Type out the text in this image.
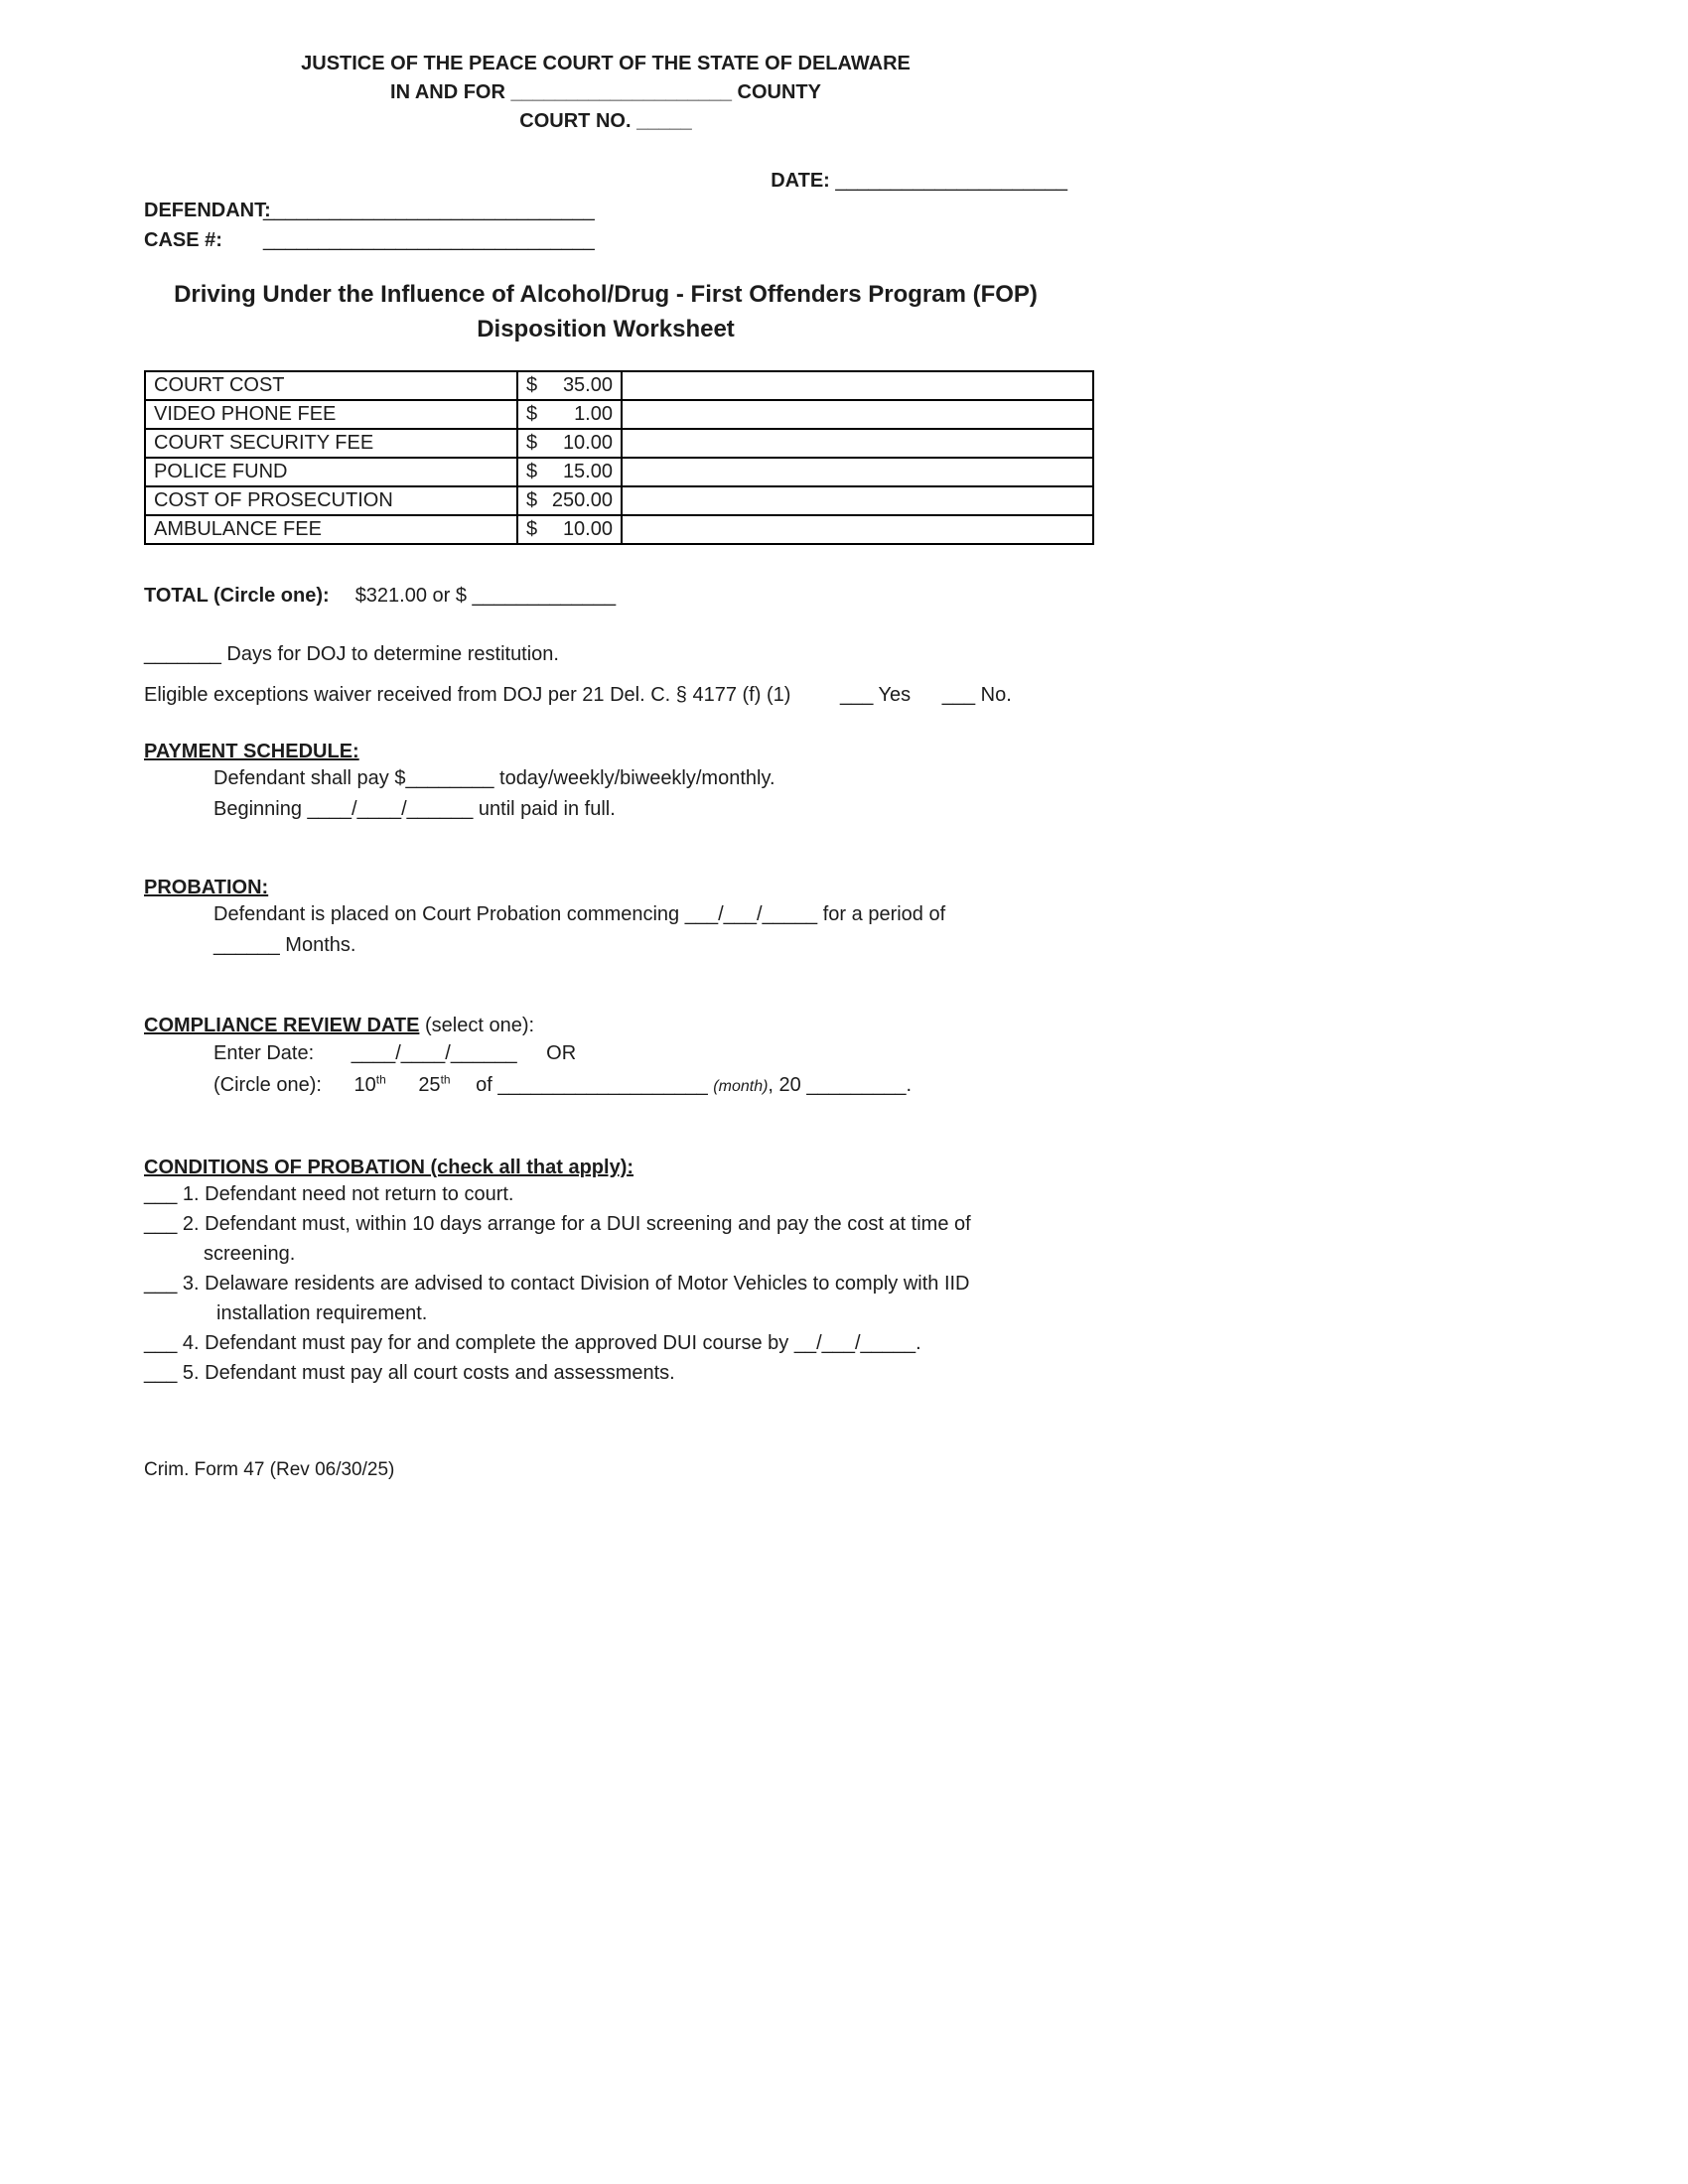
JUSTICE OF THE PEACE COURT OF THE STATE OF DELAWARE
IN AND FOR ____________________ COUNTY
COURT NO. _____
DATE: _____________________
DEFENDANT:______________________________
CASE #: ______________________________
Driving Under the Influence of Alcohol/Drug - First Offenders Program (FOP)
Disposition Worksheet
COURT COST	$ 35.00	

VIDEO PHONE FEE	$ 1.00	

COURT SECURITY FEE	$ 10.00	

POLICE FUND	$ 15.00	

COST OF PROSECUTION	$ 250.00	

AMBULANCE FEE	$ 10.00	

TOTAL (Circle one): $321.00 or $ _____________
_______ Days for DOJ to determine restitution.
Eligible exceptions waiver received from DOJ per 21 Del. C. § 4177 (f) (1) ___ Yes ___ No.
PAYMENT SCHEDULE:
Defendant shall pay $________ today/weekly/biweekly/monthly.
Beginning ____/____/______ until paid in full.
PROBATION:
Defendant is placed on Court Probation commencing ___/___/_____ for a period of
______ Months.
COMPLIANCE REVIEW DATE (select one):
Enter Date: ____/____/______ OR
(Circle one): 10th 25th of ___________________ (month), 20 _________.
CONDITIONS OF PROBATION (check all that apply):
___ 1. Defendant need not return to court.
___ 2. Defendant must, within 10 days arrange for a DUI screening and pay the cost at time of
screening.
___ 3. Delaware residents are advised to contact Division of Motor Vehicles to comply with IID
installation requirement.
___ 4. Defendant must pay for and complete the approved DUI course by __/___/_____.
___ 5. Defendant must pay all court costs and assessments.
Crim. Form 47 (Rev 06/30/25)
